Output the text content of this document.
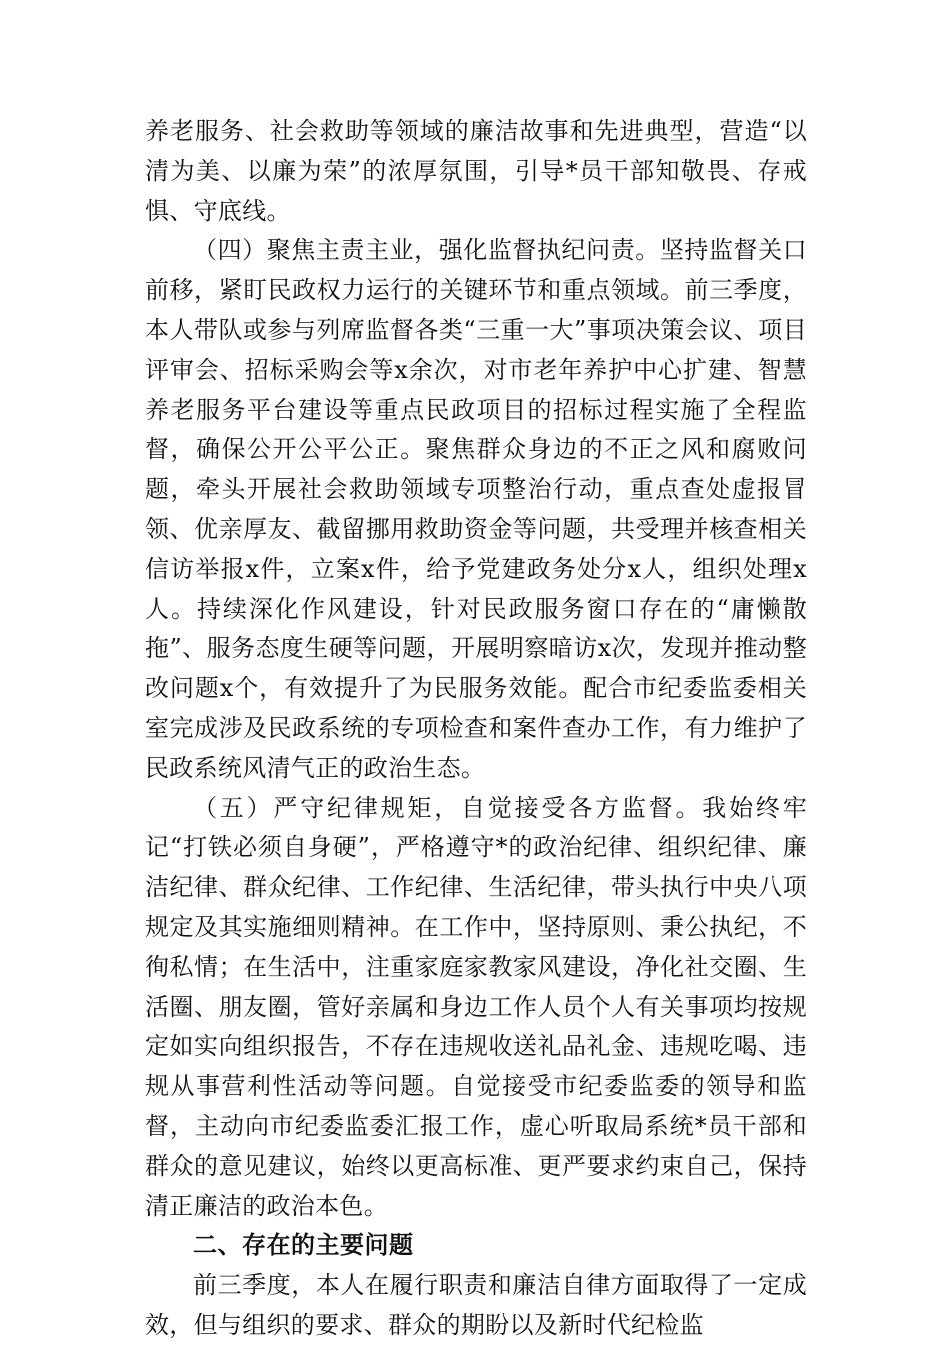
养老服务、社会救助等领域的廉洁故事和先进典型，营造“以清为美、以廉为荣”的浓厚氛围，引导*员干部知敬畏、存戒惧、守底线。

（四）聚焦主责主业，强化监督执纪问责。坚持监督关口前移，紧盯民政权力运行的关键环节和重点领域。前三季度，本人带队或参与列席监督各类“三重一大”事项决策会议、项目评审会、招标采购会等x余次，对市老年养护中心扩建、智慧养老服务平台建设等重点民政项目的招标过程实施了全程监督，确保公开公平公正。聚焦群众身边的不正之风和腐败问题，牵头开展社会救助领域专项整治行动，重点查处虚报冒领、优亲厚友、截留挪用救助资金等问题，共受理并核查相关信访举报x件，立案x件，给予党建政务处分x人，组织处理x人。持续深化作风建设，针对民政服务窗口存在的“庸懒散拖”、服务态度生硬等问题，开展明察暗访x次，发现并推动整改问题x个，有效提升了为民服务效能。配合市纪委监委相关室完成涉及民政系统的专项检查和案件查办工作，有力维护了民政系统风清气正的政治生态。

（五）严守纪律规矩，自觉接受各方监督。我始终牢记“打铁必须自身硬”，严格遵守*的政治纪律、组织纪律、廉洁纪律、群众纪律、工作纪律、生活纪律，带头执行中央八项规定及其实施细则精神。在工作中，坚持原则、秉公执纪，不徇私情；在生活中，注重家庭家教家风建设，净化社交圈、生活圈、朋友圈，管好亲属和身边工作人员个人有关事项均按规定如实向组织报告，不存在违规收送礼品礼金、违规吃喝、违规从事营利性活动等问题。自觉接受市纪委监委的领导和监督，主动向市纪委监委汇报工作，虚心听取局系统*员干部和群众的意见建议，始终以更高标准、更严要求约束自己，保持清正廉洁的政治本色。

二、存在的主要问题

前三季度，本人在履行职责和廉洁自律方面取得了一定成效，但与组织的要求、群众的期盼以及新时代纪检监
